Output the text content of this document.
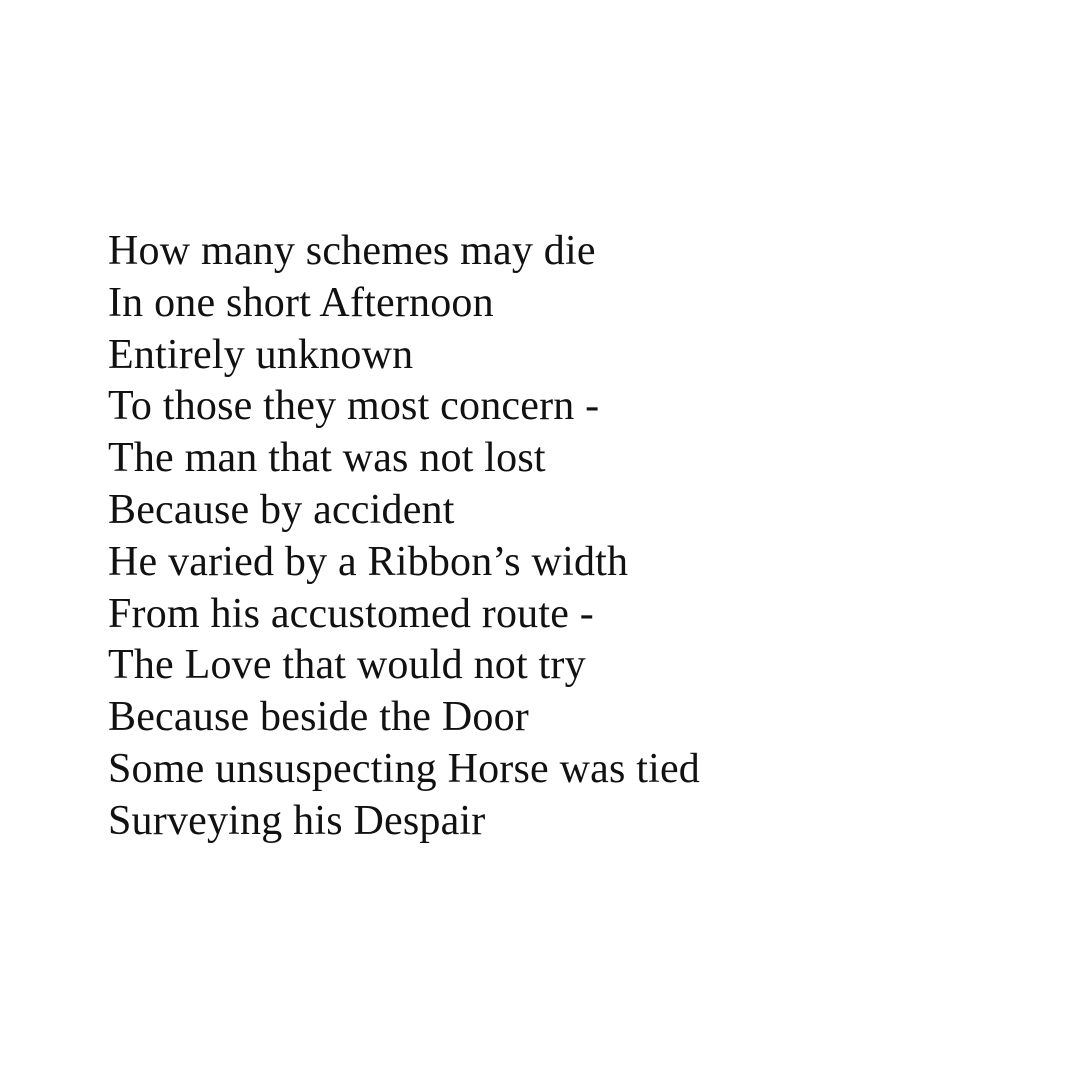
How many schemes may die
In one short Afternoon
Entirely unknown
To those they most concern -
The man that was not lost
Because by accident
He varied by a Ribbon’s width
From his accustomed route -
The Love that would not try
Because beside the Door
Some unsuspecting Horse was tied
Surveying his Despair
